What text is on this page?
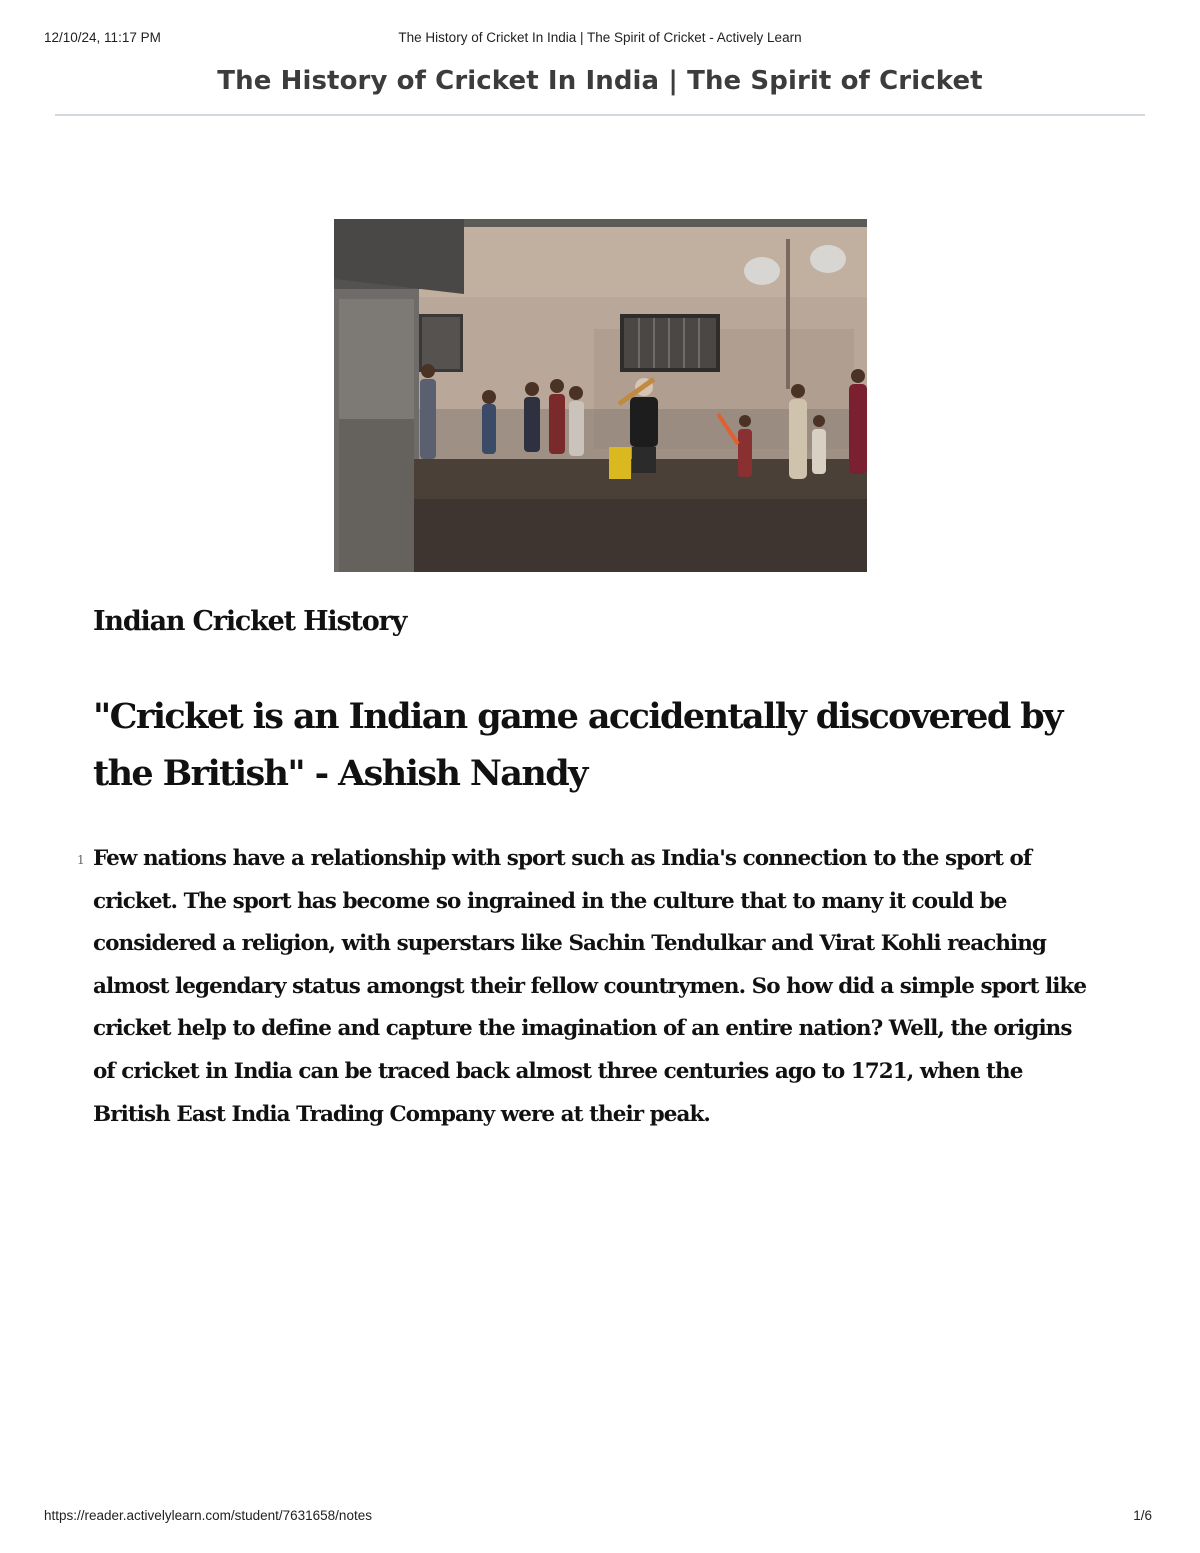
12/10/24, 11:17 PM	The History of Cricket In India | The Spirit of Cricket - Actively Learn
The History of Cricket In India | The Spirit of Cricket
Indian Cricket History
"Cricket is an Indian game accidentally discovered by the British" - Ashish Nandy
1 Few nations have a relationship with sport such as India's connection to the sport of cricket. The sport has become so ingrained in the culture that to many it could be considered a religion, with superstars like Sachin Tendulkar and Virat Kohli reaching almost legendary status amongst their fellow countrymen. So how did a simple sport like cricket help to define and capture the imagination of an entire nation? Well, the origins of cricket in India can be traced back almost three centuries ago to 1721, when the British East India Trading Company were at their peak.

https://reader.activelylearn.com/student/7631658/notes	1/6
